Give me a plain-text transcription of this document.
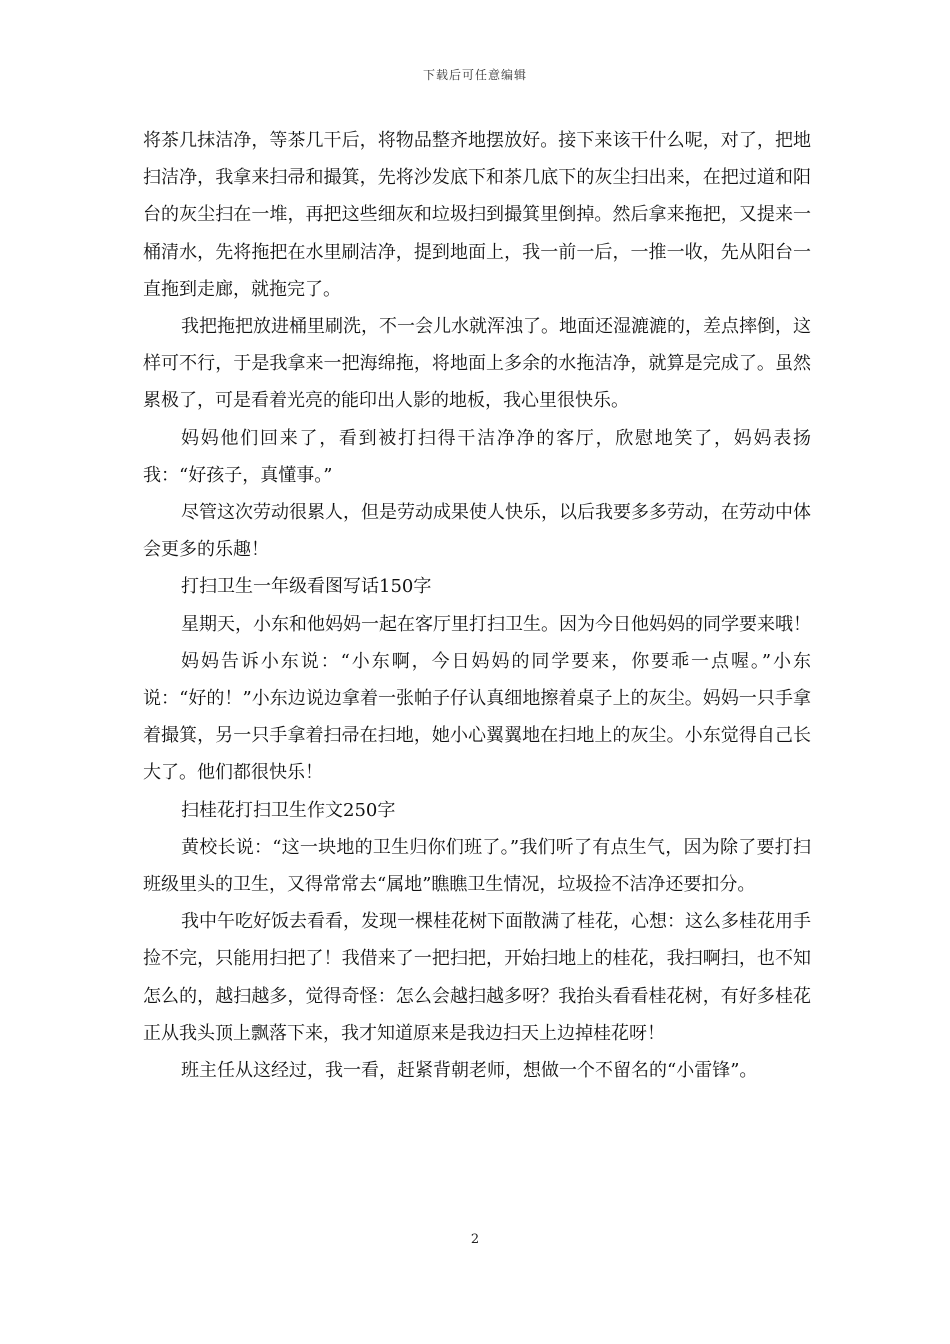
下载后可任意编辑

将茶几抹洁净，等茶几干后，将物品整齐地摆放好。接下来该干什么呢，对了，把地扫洁净，我拿来扫帚和撮箕，先将沙发底下和茶几底下的灰尘扫出来，在把过道和阳台的灰尘扫在一堆，再把这些细灰和垃圾扫到撮箕里倒掉。然后拿来拖把，又提来一桶清水，先将拖把在水里刷洁净，提到地面上，我一前一后，一推一收，先从阳台一直拖到走廊，就拖完了。

我把拖把放进桶里刷洗，不一会儿水就浑浊了。地面还湿漉漉的，差点摔倒，这样可不行，于是我拿来一把海绵拖，将地面上多余的水拖洁净，就算是完成了。虽然累极了，可是看着光亮的能印出人影的地板，我心里很快乐。

妈妈他们回来了，看到被打扫得干洁净净的客厅，欣慰地笑了，妈妈表扬我：“好孩子，真懂事。”

尽管这次劳动很累人，但是劳动成果使人快乐，以后我要多多劳动，在劳动中体会更多的乐趣！

打扫卫生一年级看图写话150字

星期天，小东和他妈妈一起在客厅里打扫卫生。因为今日他妈妈的同学要来哦！

妈妈告诉小东说：“小东啊，今日妈妈的同学要来，你要乖一点喔。”小东说：“好的！”小东边说边拿着一张帕子仔认真细地擦着桌子上的灰尘。妈妈一只手拿着撮箕，另一只手拿着扫帚在扫地，她小心翼翼地在扫地上的灰尘。小东觉得自己长大了。他们都很快乐！

扫桂花打扫卫生作文250字

黄校长说：“这一块地的卫生归你们班了。”我们听了有点生气，因为除了要打扫班级里头的卫生，又得常常去“属地”瞧瞧卫生情况，垃圾捡不洁净还要扣分。

我中午吃好饭去看看，发现一棵桂花树下面散满了桂花，心想：这么多桂花用手捡不完，只能用扫把了！我借来了一把扫把，开始扫地上的桂花，我扫啊扫，也不知怎么的，越扫越多，觉得奇怪：怎么会越扫越多呀？我抬头看看桂花树，有好多桂花正从我头顶上飘落下来，我才知道原来是我边扫天上边掉桂花呀！

班主任从这经过，我一看，赶紧背朝老师，想做一个不留名的“小雷锋”。

2
